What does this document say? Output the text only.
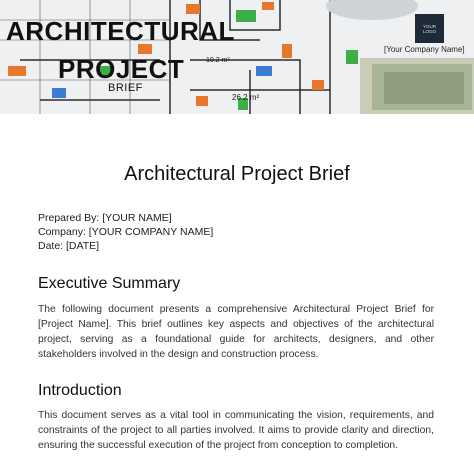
26.2 m²
10.2 m²
ARCHITECTURAL
PROJECT
BRIEF
YOUR
LOGO
[Your Company Name]
Architectural Project Brief
Prepared By: [YOUR NAME]
Company: [YOUR COMPANY NAME]
Date: [DATE]
Executive Summary
The following document presents a comprehensive Architectural Project Brief for [Project Name]. This brief outlines key aspects and objectives of the architectural project, serving as a foundational guide for architects, designers, and other stakeholders involved in the design and construction process.
Introduction
This document serves as a vital tool in communicating the vision, requirements, and constraints of the project to all parties involved. It aims to provide clarity and direction, ensuring the successful execution of the project from conception to completion.
